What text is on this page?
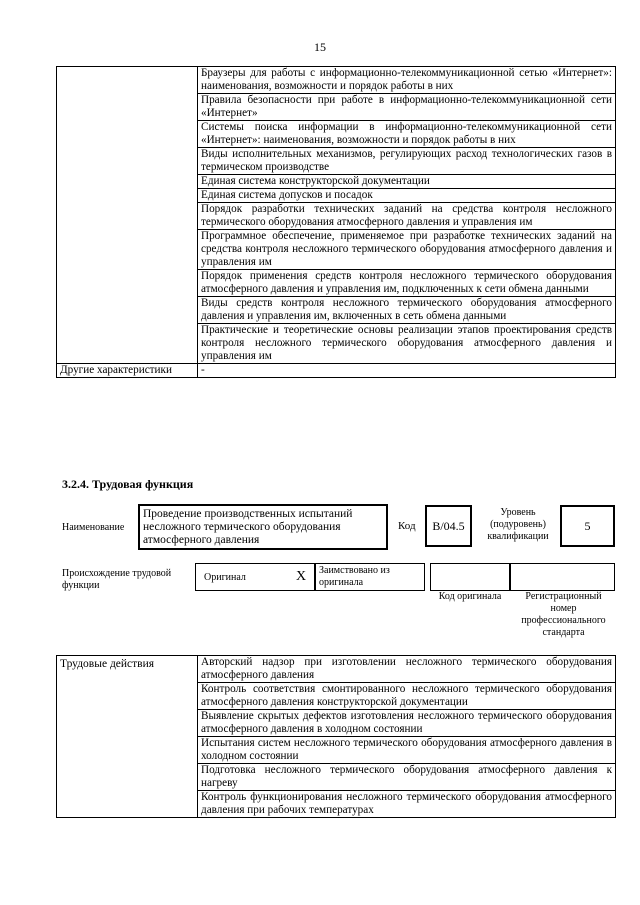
15
	Браузеры для работы с информационно-телекоммуникационной сетью «Интернет»: наименования, возможности и порядок работы в них
	Правила безопасности при работе в информационно-телекоммуникационной сети «Интернет»
	Системы поиска информации в информационно-телекоммуникационной сети «Интернет»: наименования, возможности и порядок работы в них
	Виды исполнительных механизмов, регулирующих расход технологических газов в термическом производстве
	Единая система конструкторской документации
	Единая система допусков и посадок
	Порядок разработки технических заданий на средства контроля несложного термического оборудования атмосферного давления и управления им
	Программное обеспечение, применяемое при разработке технических заданий на средства контроля несложного термического оборудования атмосферного давления и управления им
	Порядок применения средств контроля несложного термического оборудования атмосферного давления и управления им, подключенных к сети обмена данными
	Виды средств контроля несложного термического оборудования атмосферного давления и управления им, включенных в сеть обмена данными
	Практические и теоретические основы реализации этапов проектирования средств контроля несложного термического оборудования атмосферного давления и управления им
Другие характеристики	-
3.2.4. Трудовая функция
Наименование
Проведение производственных испытаний несложного термического оборудования атмосферного давления
Код	B/04.5
Уровень (подуровень) квалификации
5
Происхождение трудовой функции
Оригинал	X	Заимствовано из оригинала
Код оригинала	Регистрационный номер профессионального стандарта
Трудовые действия	Авторский надзор при изготовлении несложного термического оборудования атмосферного давления
Контроль соответствия смонтированного несложного термического оборудования атмосферного давления конструкторской документации
Выявление скрытых дефектов изготовления несложного термического оборудования атмосферного давления в холодном состоянии
Испытания систем несложного термического оборудования атмосферного давления в холодном состоянии
Подготовка несложного термического оборудования атмосферного давления к нагреву
Контроль функционирования несложного термического оборудования атмосферного давления при рабочих температурах
